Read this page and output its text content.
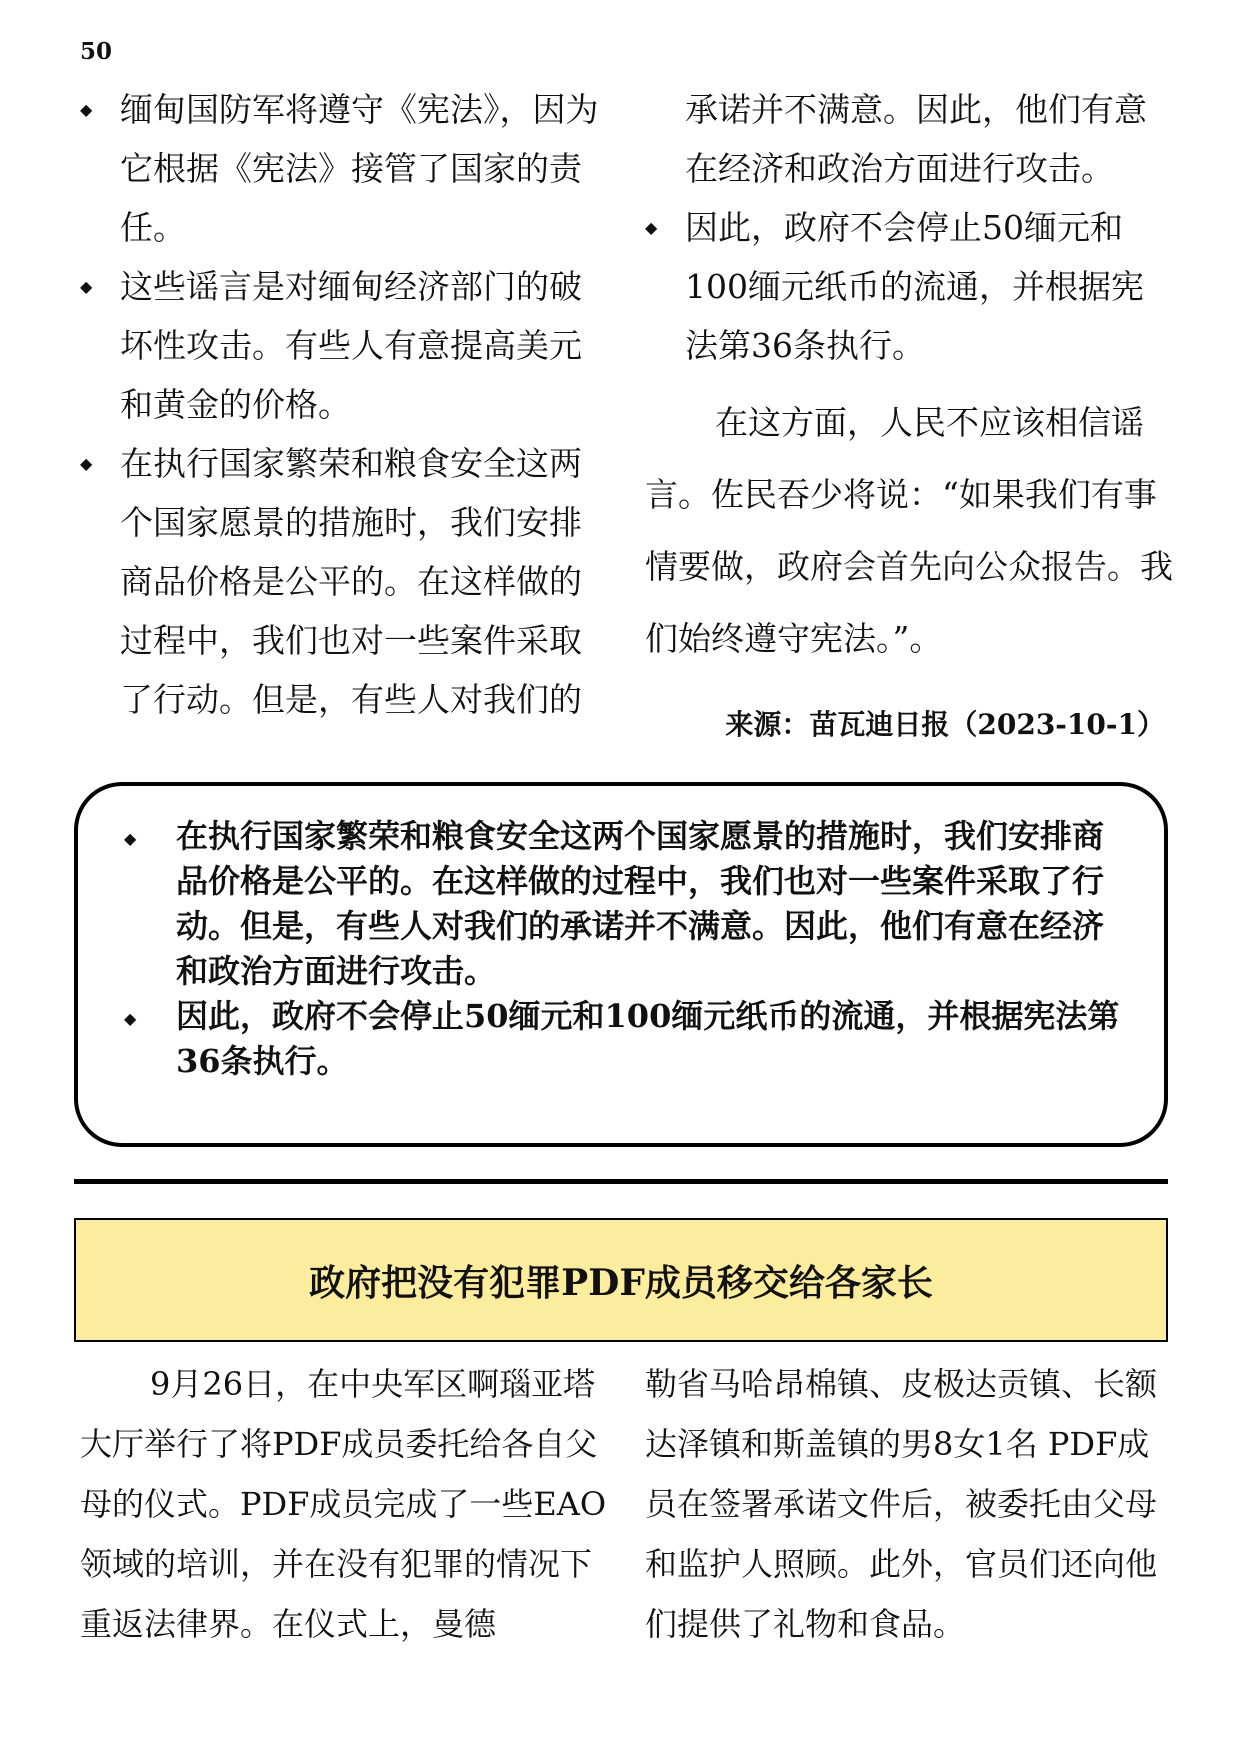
50
◆ 缅甸国防军将遵守《宪法》，因为它根据《宪法》接管了国家的责任。
◆ 这些谣言是对缅甸经济部门的破坏性攻击。有些人有意提高美元和黄金的价格。
◆ 在执行国家繁荣和粮食安全这两个国家愿景的措施时，我们安排商品价格是公平的。在这样做的过程中，我们也对一些案件采取了行动。但是，有些人对我们的
承诺并不满意。因此，他们有意在经济和政治方面进行攻击。
◆ 因此，政府不会停止50缅元和100缅元纸币的流通，并根据宪法第36条执行。
在这方面，人民不应该相信谣言。佐民吞少将说：“如果我们有事情要做，政府会首先向公众报告。我们始终遵守宪法。”。
来源：苗瓦迪日报（2023-10-1）
◆ 在执行国家繁荣和粮食安全这两个国家愿景的措施时，我们安排商品价格是公平的。在这样做的过程中，我们也对一些案件采取了行动。但是，有些人对我们的承诺并不满意。因此，他们有意在经济和政治方面进行攻击。
◆ 因此，政府不会停止50缅元和100缅元纸币的流通，并根据宪法第36条执行。
政府把没有犯罪PDF成员移交给各家长
9月26日，在中央军区啊瑙亚塔大厅举行了将PDF成员委托给各自父母的仪式。PDF成员完成了一些EAO领域的培训，并在没有犯罪的情况下重返法律界。在仪式上，曼德
勒省马哈昂棉镇、皮极达贡镇、长额达泽镇和斯盖镇的男8女1名 PDF成员在签署承诺文件后，被委托由父母和监护人照顾。此外，官员们还向他们提供了礼物和食品。
